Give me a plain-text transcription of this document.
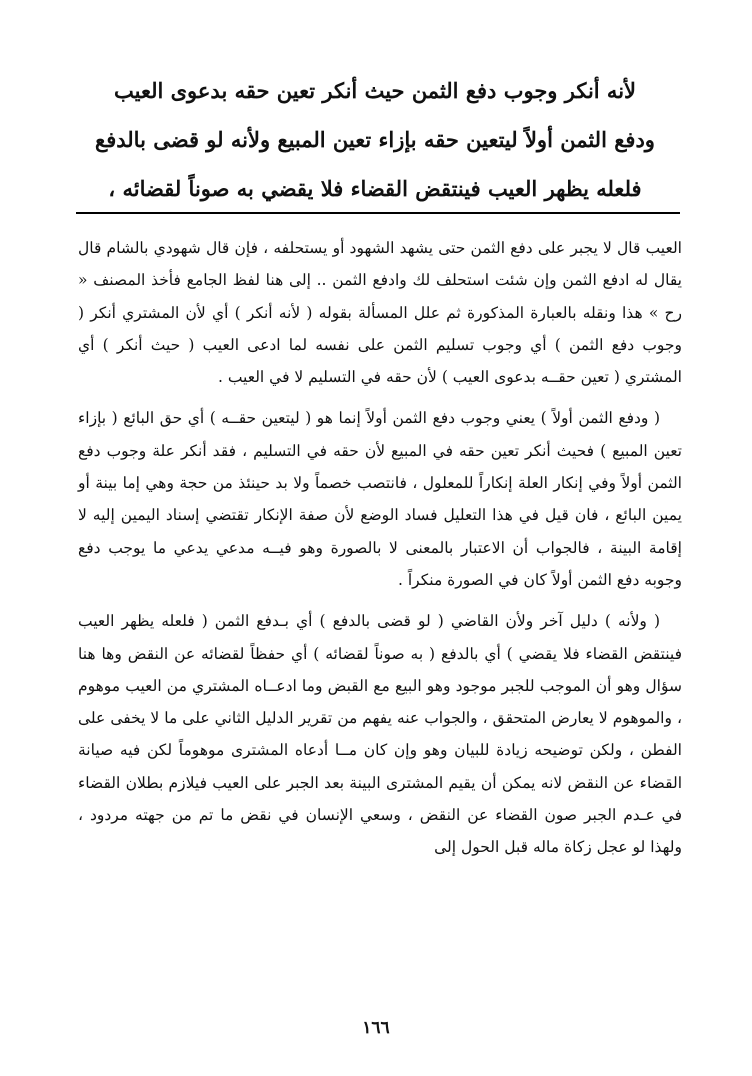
لأنه أنكر وجوب دفع الثمن حيث أنكر تعين حقه بدعوى العيب
ودفع الثمن أولاً ليتعين حقه بإزاء تعين المبيع ولأنه لو قضى بالدفع
فلعله يظهر العيب فينتقض القضاء فلا يقضي به صوناً لقضائه ،

العيب قال لا يجبر على دفع الثمن حتى يشهد الشهود أو يستحلفه ، فإن قال شهودي بالشام قال يقال له ادفع الثمن وإن شئت استحلف لك وادفع الثمن .. إلى هنا لفظ الجامع فأخذ المصنف « رح » هذا ونقله بالعبارة المذكورة ثم علل المسألة بقوله ( لأنه أنكر ) أي لأن المشتري أنكر ( وجوب دفع الثمن ) أي وجوب تسليم الثمن على نفسه لما ادعى العيب ( حيث أنكر ) أي المشتري ( تعين حقــه بدعوى العيب ) لأن حقه في التسليم لا في العيب .

( ودفع الثمن أولاً ) يعني وجوب دفع الثمن أولاً إنما هو ( ليتعين حقــه ) أي حق البائع ( بإزاء تعين المبيع ) فحيث أنكر تعين حقه في المبيع لأن حقه في التسليم ، فقد أنكر علة وجوب دفع الثمن أولاً وفي إنكار العلة إنكاراً للمعلول ، فانتصب خصماً ولا بد حينئذ من حجة وهي إما بينة أو يمين البائع ، فان قيل في هذا التعليل فساد الوضع لأن صفة الإنكار تقتضي إسناد اليمين إليه لا إقامة البينة ، فالجواب أن الاعتبار بالمعنى لا بالصورة وهو فيــه مدعي يدعي ما يوجب دفع وجوبه دفع الثمن أولاً كان في الصورة منكراً .

( ولأنه ) دليل آخر ولأن القاضي ( لو قضى بالدفع ) أي بـدفع الثمن ( فلعله يظهر العيب فينتقض القضاء فلا يقضي ) أي بالدفع ( به صوناً لقضائه ) أي حفظاً لقضائه عن النقض وها هنا سؤال وهو أن الموجب للجبر موجود وهو البيع مع القبض وما ادعــاه المشتري من العيب موهوم ، والموهوم لا يعارض المتحقق ، والجواب عنه يفهم من تقرير الدليل الثاني على ما لا يخفى على الفطن ، ولكن توضيحه زيادة للبيان وهو وإن كان مــا أدعاه المشترى موهوماً لكن فيه صيانة القضاء عن النقض لانه يمكن أن يقيم المشترى البينة بعد الجبر على العيب فيلازم بطلان القضاء في عـدم الجبر صون القضاء عن النقض ، وسعي الإنسان في نقض ما تم من جهته مردود ، ولهذا لو عجل زكاة ماله قبل الحول إلى

١٦٦
